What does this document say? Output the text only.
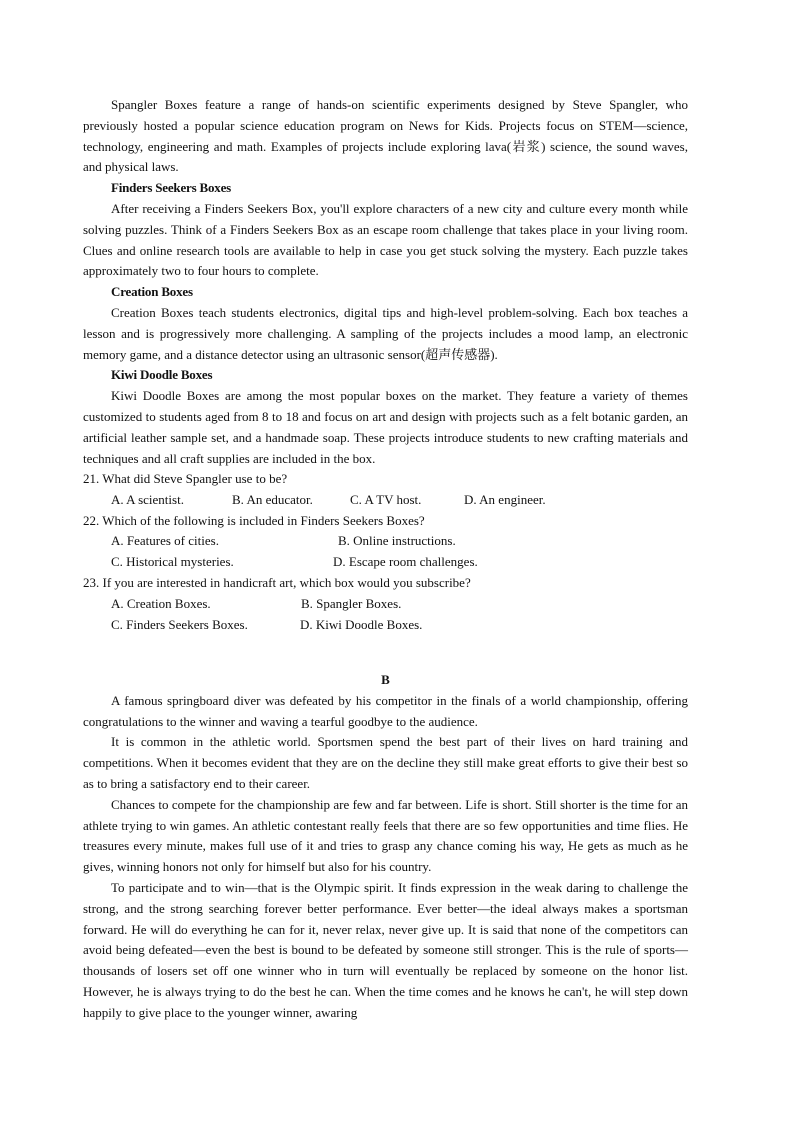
Spangler Boxes feature a range of hands-on scientific experiments designed by Steve Spangler, who previously hosted a popular science education program on News for Kids. Projects focus on STEM—science, technology, engineering and math. Examples of projects include exploring lava(岩浆) science, the sound waves, and physical laws.

Finders Seekers Boxes

After receiving a Finders Seekers Box, you'll explore characters of a new city and culture every month while solving puzzles. Think of a Finders Seekers Box as an escape room challenge that takes place in your living room. Clues and online research tools are available to help in case you get stuck solving the mystery. Each puzzle takes approximately two to four hours to complete.

Creation Boxes

Creation Boxes teach students electronics, digital tips and high-level problem-solving. Each box teaches a lesson and is progressively more challenging. A sampling of the projects includes a mood lamp, an electronic memory game, and a distance detector using an ultrasonic sensor(超声传感器).

Kiwi Doodle Boxes

Kiwi Doodle Boxes are among the most popular boxes on the market. They feature a variety of themes customized to students aged from 8 to 18 and focus on art and design with projects such as a felt botanic garden, an artificial leather sample set, and a handmade soap. These projects introduce students to new crafting materials and techniques and all craft supplies are included in the box.

21. What did Steve Spangler use to be?
A. A scientist.	B. An educator.	C. A TV host.	D. An engineer.
22. Which of the following is included in Finders Seekers Boxes?
A. Features of cities.	B. Online instructions.
C. Historical mysteries.	D. Escape room challenges.
23. If you are interested in handicraft art, which box would you subscribe?
A. Creation Boxes.	B. Spangler Boxes.
C. Finders Seekers Boxes.	D. Kiwi Doodle Boxes.
B

A famous springboard diver was defeated by his competitor in the finals of a world championship, offering congratulations to the winner and waving a tearful goodbye to the audience.

It is common in the athletic world. Sportsmen spend the best part of their lives on hard training and competitions. When it becomes evident that they are on the decline they still make great efforts to give their best so as to bring a satisfactory end to their career.

Chances to compete for the championship are few and far between. Life is short. Still shorter is the time for an athlete trying to win games. An athletic contestant really feels that there are so few opportunities and time flies. He treasures every minute, makes full use of it and tries to grasp any chance coming his way, He gets as much as he gives, winning honors not only for himself but also for his country.

To participate and to win—that is the Olympic spirit. It finds expression in the weak daring to challenge the strong, and the strong searching forever better performance. Ever better—the ideal always makes a sportsman forward. He will do everything he can for it, never relax, never give up. It is said that none of the competitors can avoid being defeated—even the best is bound to be defeated by someone still stronger. This is the rule of sports—thousands of losers set off one winner who in turn will eventually be replaced by someone on the honor list. However, he is always trying to do the best he can. When the time comes and he knows he can't, he will step down happily to give place to the younger winner, awaring
